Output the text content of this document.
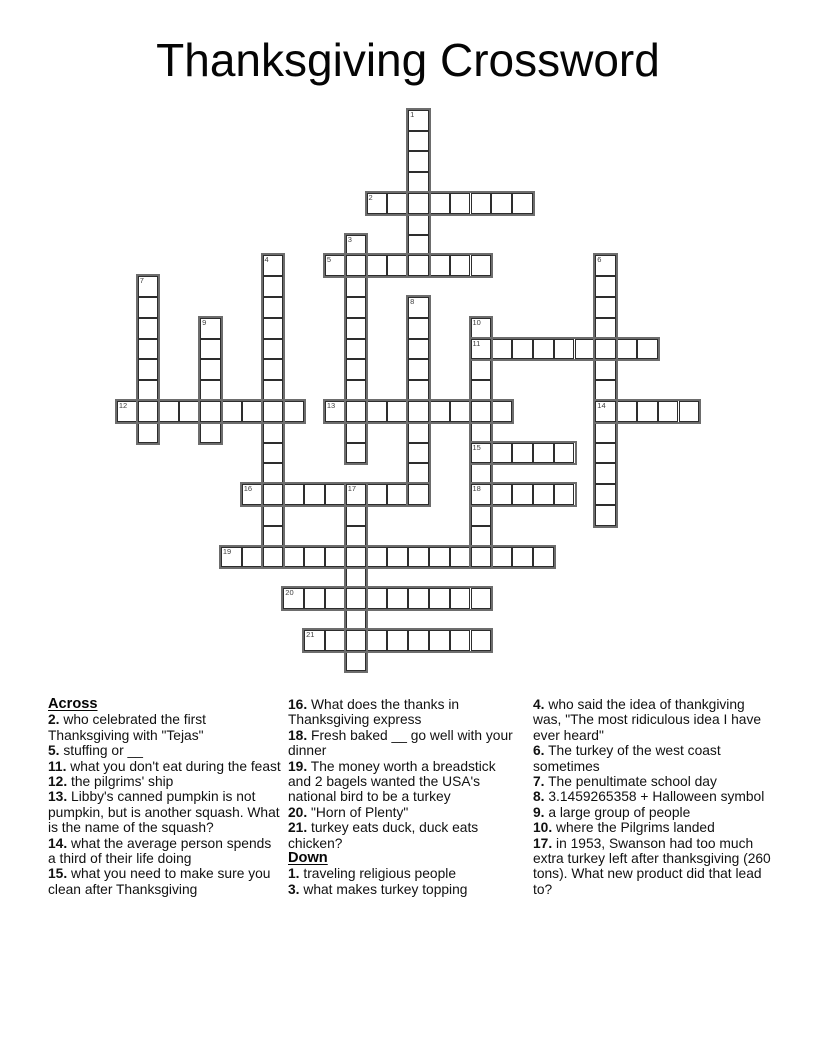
Thanksgiving Crossword
1
2
3
4	5	6
7
8
9	10
11
12	13	14
15
16	17	18
19
20
21
Across
2. who celebrated the first Thanksgiving with "Tejas"
5. stuffing or __
11. what you don't eat during the feast
12. the pilgrims' ship
13. Libby's canned pumpkin is not pumpkin, but is another squash. What is the name of the squash?
14. what the average person spends a third of their life doing
15. what you need to make sure you clean after Thanksgiving
16. What does the thanks in Thanksgiving express
18. Fresh baked __ go well with your dinner
19. The money worth a breadstick and 2 bagels wanted the USA's national bird to be a turkey
20. "Horn of Plenty"
21. turkey eats duck, duck eats chicken?
Down
1. traveling religious people
3. what makes turkey topping
4. who said the idea of thankgiving was, "The most ridiculous idea I have ever heard"
6. The turkey of the west coast sometimes
7. The penultimate school day
8. 3.1459265358 + Halloween symbol
9. a large group of people
10. where the Pilgrims landed
17. in 1953, Swanson had too much extra turkey left after thanksgiving (260 tons). What new product did that lead to?
